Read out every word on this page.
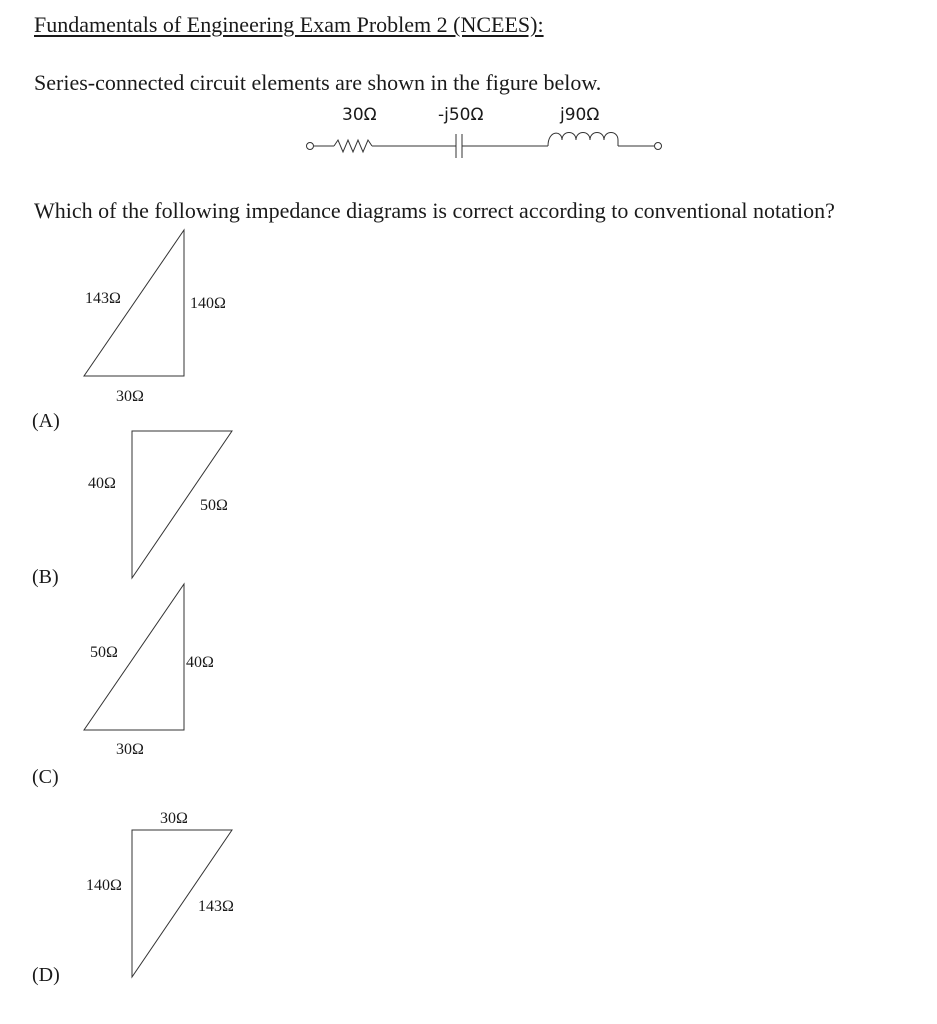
Fundamentals of Engineering Exam Problem 2 (NCEES):
Series-connected circuit elements are shown in the figure below.
30Ω	-j50Ω	j90Ω
Which of the following impedance diagrams is correct according to conventional notation?
143Ω	140Ω
30Ω
(A)
40Ω
50Ω
(B)
50Ω
40Ω
30Ω
(C)
30Ω
140Ω
143Ω
(D)
